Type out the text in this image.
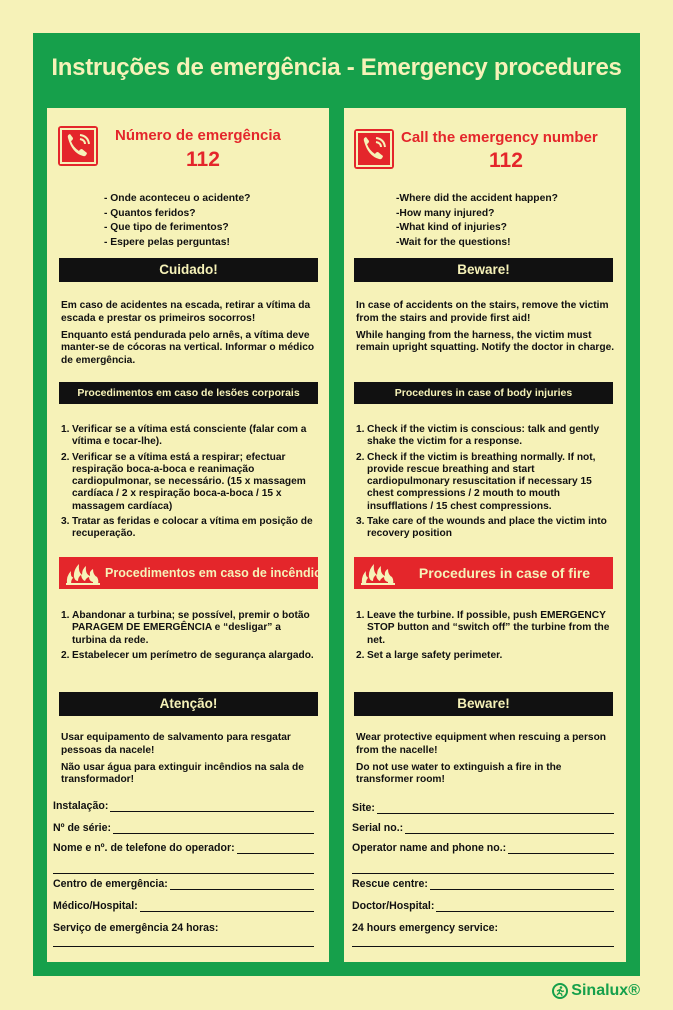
Instruções de emergência - Emergency procedures
Número de emergência
112
- Onde aconteceu o acidente?
- Quantos feridos?
- Que tipo de ferimentos?
- Espere pelas perguntas!
Cuidado!

Em caso de acidentes na escada, retirar a vítima da escada e prestar os primeiros socorros!

Enquanto está pendurada pelo arnês, a vítima deve manter-se de cócoras na vertical. Informar o médico de emergência.

Procedimentos em caso de lesões corporais
1. Verificar se a vítima está consciente (falar com a vítima e tocar-lhe).
2. Verificar se a vítima está a respirar; efectuar respiração boca-a-boca e reanimação cardiopulmonar, se necessário. (15 x massagem cardíaca / 2 x respiração boca-a-boca / 15 x massagem cardíaca)
3. Tratar as feridas e colocar a vítima em posição de recuperação.
Procedimentos em caso de incêndio
1. Abandonar a turbina; se possível, premir o botão PARAGEM DE EMERGÊNCIA e “desligar” a turbina da rede.
2. Estabelecer um perímetro de segurança alargado.
Atenção!

Usar equipamento de salvamento para resgatar pessoas da nacele!

Não usar água para extinguir incêndios na sala de transformador!

Instalação:
Nº de série:
Nome e nº. de telefone do operador:
Centro de emergência:
Médico/Hospital:
Serviço de emergência 24 horas:
Call the emergency number
112
-Where did the accident happen?
-How many injured?
-What kind of injuries?
-Wait for the questions!
Beware!

In case of accidents on the stairs, remove the victim from the stairs and provide first aid!

While hanging from the harness, the victim must remain upright squatting. Notify the doctor in charge.

Procedures in case of body injuries
1. Check if the victim is conscious: talk and gently shake the victim for a response.
2. Check if the victim is breathing normally. If not, provide rescue breathing and start cardiopulmonary resuscitation if necessary 15 chest compressions / 2 mouth to mouth insufflations / 15 chest compressions.
3. Take care of the wounds and place the victim into recovery position
Procedures in case of fire
1. Leave the turbine. If possible, push EMERGENCY STOP button and “switch off” the turbine from the net.
2. Set a large safety perimeter.
Beware!

Wear protective equipment when rescuing a person from the nacelle!

Do not use water to extinguish a fire in the transformer room!

Site:
Serial no.:
Operator name and phone no.:
Rescue centre:
Doctor/Hospital:
24 hours emergency service:
Sinalux®
